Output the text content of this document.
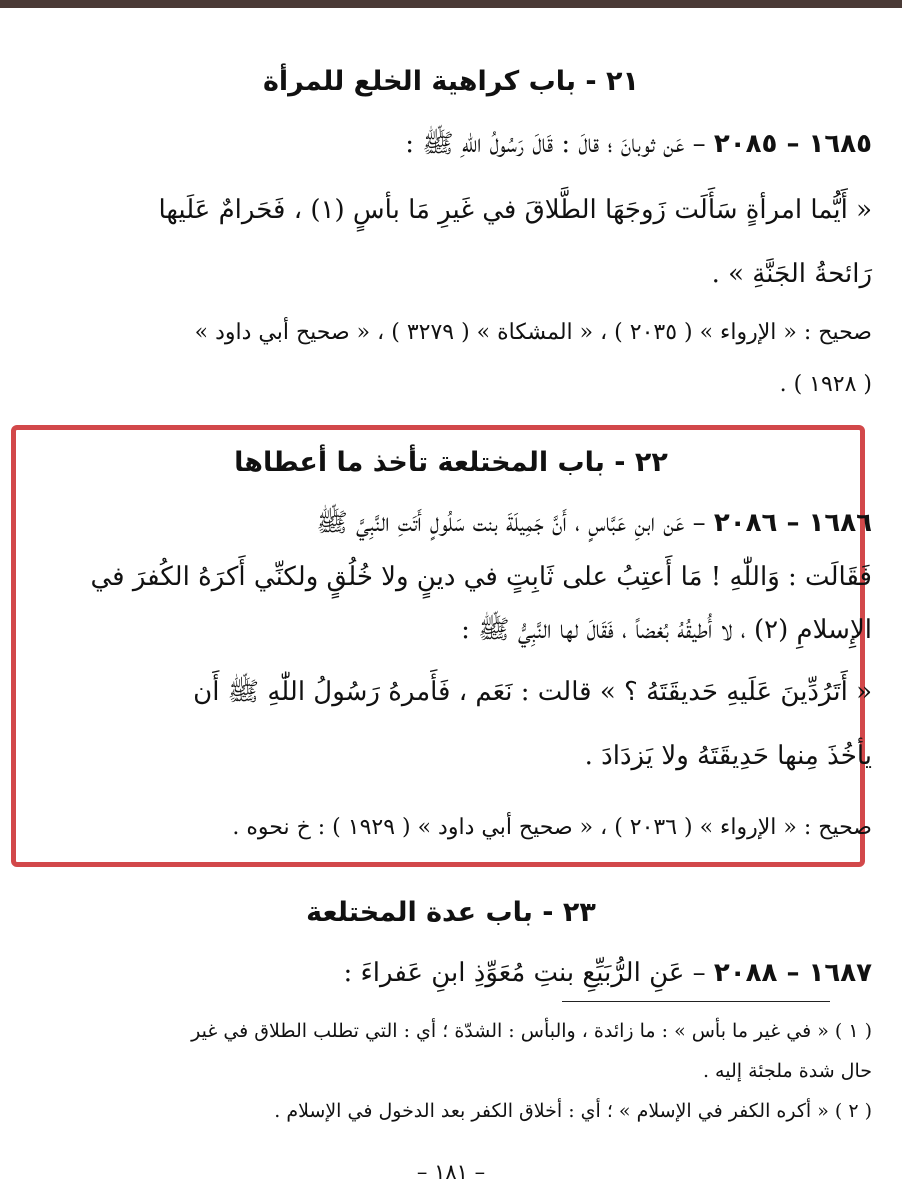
٢١ - باب كراهية الخلع للمرأة
١٦٨٥ – ٢٠٨٥ – عَن ثوبانَ ؛ قالَ : قَالَ رَسُولُ اللّٰهِ ﷺ :
« أَيُّما امرأةٍ سَأَلَت زَوجَهَا الطَّلاقَ في غَيرِ مَا بأسٍ (١) ، فَحَرامٌ عَلَيها
رَائحةُ الجَنَّةِ » .
صحيح : « الإرواء » ( ٢٠٣٥ ) ، « المشكاة » ( ٣٢٧٩ ) ، « صحيح أبي داود »
( ١٩٢٨ ) .
٢٢ - باب المختلعة تأخذ ما أعطاها
١٦٨٦ – ٢٠٨٦ – عَن ابنِ عَبَّاسٍ ، أَنَّ جَمِيلَةَ بنت سَلُولٍ أَتَتِ النَّبِيَّ ﷺ
فَقَالَت : وَاللّٰهِ ! مَا أَعتِبُ على ثَابِتٍ في دينٍ ولا خُلُقٍ ولكنِّي أَكرَهُ الكُفرَ في
الإِسلامِ (٢) ، لا أُطيقُهُ بُغضاً ، فَقَالَ لها النَّبِيُّ ﷺ :
« أَتَرُدِّينَ عَلَيهِ حَديقَتَهُ ؟ » قالت : نَعَم ، فَأَمرهُ رَسُولُ اللّٰهِ ﷺ أَن
يأخُذَ مِنها حَدِيقَتَهُ ولا يَزدَادَ .
صحيح : « الإرواء » ( ٢٠٣٦ ) ، « صحيح أبي داود » ( ١٩٢٩ ) : خ نحوه .
٢٣ - باب عدة المختلعة
١٦٨٧ – ٢٠٨٨ – عَنِ الرُّبَيِّعِ بنتِ مُعَوِّذِ ابنِ عَفراءَ :
( ١ ) « في غير ما بأس » : ما زائدة ، والبأس : الشدّة ؛ أي : التي تطلب الطلاق في غير
حال شدة ملجئة إليه .
( ٢ ) « أكره الكفر في الإسلام » ؛ أي : أخلاق الكفر بعد الدخول في الإسلام .
– ١٨١ –
